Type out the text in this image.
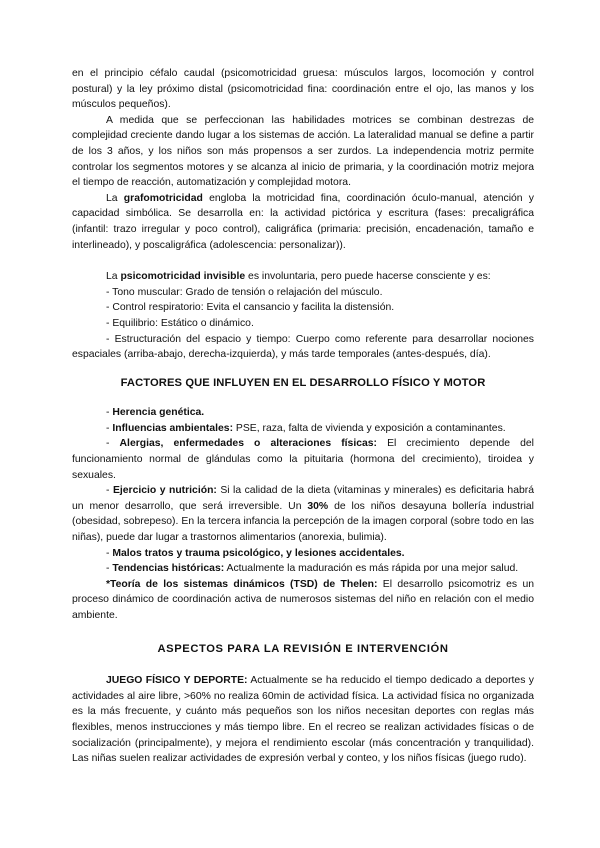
en el principio céfalo caudal (psicomotricidad gruesa: músculos largos, locomoción y control postural) y la ley próximo distal (psicomotricidad fina: coordinación entre el ojo, las manos y los músculos pequeños).

A medida que se perfeccionan las habilidades motrices se combinan destrezas de complejidad creciente dando lugar a los sistemas de acción. La lateralidad manual se define a partir de los 3 años, y los niños son más propensos a ser zurdos. La independencia motriz permite controlar los segmentos motores y se alcanza al inicio de primaria, y la coordinación motriz mejora el tiempo de reacción, automatización y complejidad motora.

La grafomotricidad engloba la motricidad fina, coordinación óculo-manual, atención y capacidad simbólica. Se desarrolla en: la actividad pictórica y escritura (fases: precaligráfica (infantil: trazo irregular y poco control), caligráfica (primaria: precisión, encadenación, tamaño e interlineado), y poscaligráfica (adolescencia: personalizar)).

La psicomotricidad invisible es involuntaria, pero puede hacerse consciente y es:

- Tono muscular: Grado de tensión o relajación del músculo.

- Control respiratorio: Evita el cansancio y facilita la distensión.

- Equilibrio: Estático o dinámico.

- Estructuración del espacio y tiempo: Cuerpo como referente para desarrollar nociones espaciales (arriba-abajo, derecha-izquierda), y más tarde temporales (antes-después, día).

FACTORES QUE INFLUYEN EN EL DESARROLLO FÍSICO Y MOTOR

- Herencia genética.

- Influencias ambientales: PSE, raza, falta de vivienda y exposición a contaminantes.

- Alergias, enfermedades o alteraciones físicas: El crecimiento depende del funcionamiento normal de glándulas como la pituitaria (hormona del crecimiento), tiroidea y sexuales.

- Ejercicio y nutrición: Si la calidad de la dieta (vitaminas y minerales) es deficitaria habrá un menor desarrollo, que será irreversible. Un 30% de los niños desayuna bollería industrial (obesidad, sobrepeso). En la tercera infancia la percepción de la imagen corporal (sobre todo en las niñas), puede dar lugar a trastornos alimentarios (anorexia, bulimia).

- Malos tratos y trauma psicológico, y lesiones accidentales.

- Tendencias históricas: Actualmente la maduración es más rápida por una mejor salud.

*Teoría de los sistemas dinámicos (TSD) de Thelen: El desarrollo psicomotriz es un proceso dinámico de coordinación activa de numerosos sistemas del niño en relación con el medio ambiente.

ASPECTOS PARA LA REVISIÓN E INTERVENCIÓN

JUEGO FÍSICO Y DEPORTE: Actualmente se ha reducido el tiempo dedicado a deportes y actividades al aire libre, >60% no realiza 60min de actividad física. La actividad física no organizada es la más frecuente, y cuánto más pequeños son los niños necesitan deportes con reglas más flexibles, menos instrucciones y más tiempo libre. En el recreo se realizan actividades físicas o de socialización (principalmente), y mejora el rendimiento escolar (más concentración y tranquilidad). Las niñas suelen realizar actividades de expresión verbal y conteo, y los niños físicas (juego rudo).
